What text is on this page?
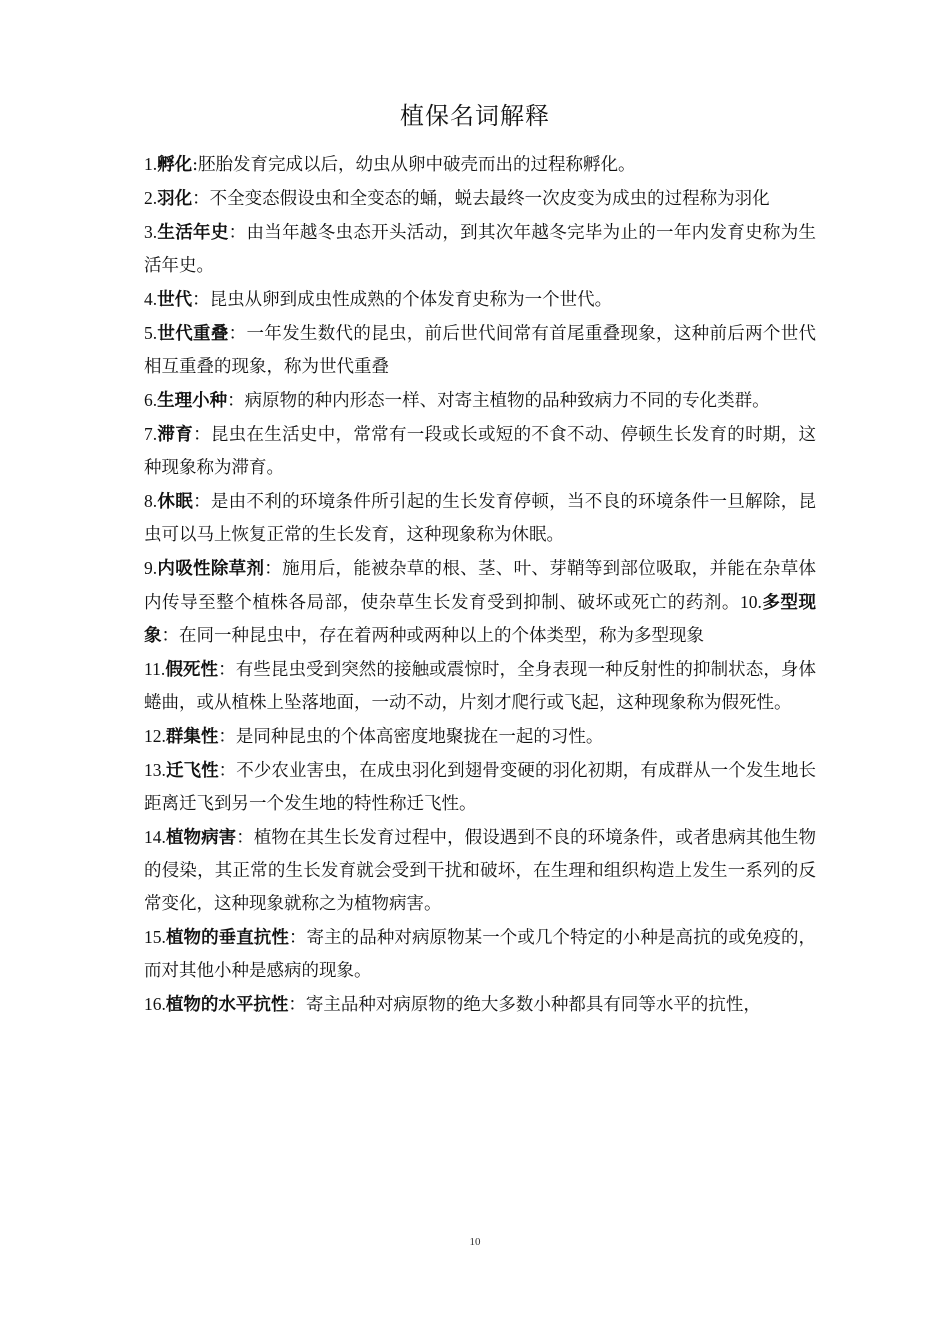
植保名词解释

1.孵化:胚胎发育完成以后，幼虫从卵中破壳而出的过程称孵化。

2.羽化：不全变态假设虫和全变态的蛹，蜕去最终一次皮变为成虫的过程称为羽化

3.生活年史：由当年越冬虫态开头活动，到其次年越冬完毕为止的一年内发育史称为生活年史。

4.世代：昆虫从卵到成虫性成熟的个体发育史称为一个世代。

5.世代重叠：一年发生数代的昆虫，前后世代间常有首尾重叠现象，这种前后两个世代相互重叠的现象，称为世代重叠

6.生理小种：病原物的种内形态一样、对寄主植物的品种致病力不同的专化类群。

7.滞育：昆虫在生活史中，常常有一段或长或短的不食不动、停顿生长发育的时期，这种现象称为滞育。

8.休眠：是由不利的环境条件所引起的生长发育停顿，当不良的环境条件一旦解除，昆虫可以马上恢复正常的生长发育，这种现象称为休眠。

9.内吸性除草剂：施用后，能被杂草的根、茎、叶、芽鞘等到部位吸取，并能在杂草体内传导至整个植株各局部，使杂草生长发育受到抑制、破坏或死亡的药剂。10.多型现象：在同一种昆虫中，存在着两种或两种以上的个体类型，称为多型现象

11.假死性：有些昆虫受到突然的接触或震惊时，全身表现一种反射性的抑制状态，身体蜷曲，或从植株上坠落地面，一动不动，片刻才爬行或飞起，这种现象称为假死性。

12.群集性：是同种昆虫的个体高密度地聚拢在一起的习性。

13.迁飞性：不少农业害虫，在成虫羽化到翅骨变硬的羽化初期，有成群从一个发生地长距离迁飞到另一个发生地的特性称迁飞性。

14.植物病害：植物在其生长发育过程中，假设遇到不良的环境条件，或者患病其他生物的侵染，其正常的生长发育就会受到干扰和破坏，在生理和组织构造上发生一系列的反常变化，这种现象就称之为植物病害。

15.植物的垂直抗性：寄主的品种对病原物某一个或几个特定的小种是高抗的或免疫的，而对其他小种是感病的现象。

16.植物的水平抗性：寄主品种对病原物的绝大多数小种都具有同等水平的抗性，

10
